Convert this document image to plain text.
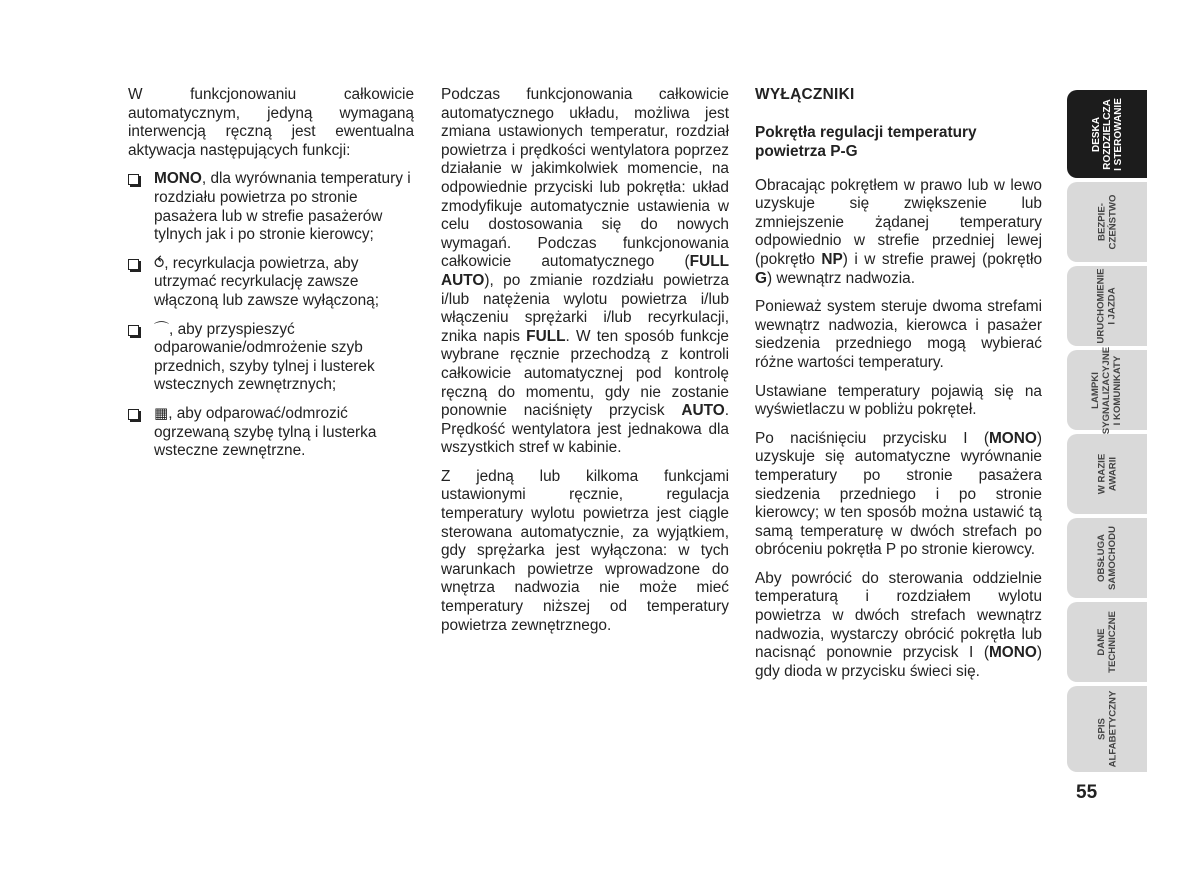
W funkcjonowaniu całkowicie automatycznym, jedyną wymaganą interwencją ręczną jest ewentualna aktywacja następujących funkcji:

MONO, dla wyrównania temperatury i rozdziału powietrza po stronie pasażera lub w strefie pasażerów tylnych jak i po stronie kierowcy;
⥀, recyrkulacja powietrza, aby utrzymać recyrkulację zawsze włączoną lub zawsze wyłączoną;
⌒, aby przyspieszyć odparowanie/odmrożenie szyb przednich, szyby tylnej i lusterek wstecznych zewnętrznych;
▦, aby odparować/odmrozić ogrzewaną szybę tylną i lusterka wsteczne zewnętrzne.

Podczas funkcjonowania całkowicie automatycznego układu, możliwa jest zmiana ustawionych temperatur, rozdział powietrza i prędkości wentylatora poprzez działanie w jakimkolwiek momencie, na odpowiednie przyciski lub pokrętła: układ zmodyfikuje automatycznie ustawienia w celu dostosowania się do nowych wymagań. Podczas funkcjonowania całkowicie automatycznego (FULL AUTO), po zmianie rozdziału powietrza i/lub natężenia wylotu powietrza i/lub włączeniu sprężarki i/lub recyrkulacji, znika napis FULL. W ten sposób funkcje wybrane ręcznie przechodzą z kontroli całkowicie automatycznej pod kontrolę ręczną do momentu, gdy nie zostanie ponownie naciśnięty przycisk AUTO. Prędkość wentylatora jest jednakowa dla wszystkich stref w kabinie.

Z jedną lub kilkoma funkcjami ustawionymi ręcznie, regulacja temperatury wylotu powietrza jest ciągle sterowana automatycznie, za wyjątkiem, gdy sprężarka jest wyłączona: w tych warunkach powietrze wprowadzone do wnętrza nadwozia nie może mieć temperatury niższej od temperatury powietrza zewnętrznego.

WYŁĄCZNIKI
Pokrętła regulacji temperatury powietrza P-G

Obracając pokrętłem w prawo lub w lewo uzyskuje się zwiększenie lub zmniejszenie żądanej temperatury odpowiednio w strefie przedniej lewej (pokrętło NP) i w strefie prawej (pokrętło G) wewnątrz nadwozia.

Ponieważ system steruje dwoma strefami wewnątrz nadwozia, kierowca i pasażer siedzenia przedniego mogą wybierać różne wartości temperatury.

Ustawiane temperatury pojawią się na wyświetlaczu w pobliżu pokręteł.

Po naciśnięciu przycisku I (MONO) uzyskuje się automatyczne wyrównanie temperatury po stronie pasażera siedzenia przedniego i po stronie kierowcy; w ten sposób można ustawić tą samą temperaturę w dwóch strefach po obróceniu pokrętła P po stronie kierowcy.

Aby powrócić do sterowania oddzielnie temperaturą i rozdziałem wylotu powietrza w dwóch strefach wewnątrz nadwozia, wystarczy obrócić pokrętła lub nacisnąć ponownie przycisk I (MONO) gdy dioda w przycisku świeci się.

DESKA ROZDZIELCZA I STEROWANIE
BEZPIE- CZEŃSTWO
URUCHOMIENIE I JAZDA
LAMPKI SYGNALIZACYJNE I KOMUNIKATY
W RAZIE AWARII
OBSŁUGA SAMOCHODU
DANE TECHNICZNE
SPIS ALFABETYCZNY
55
